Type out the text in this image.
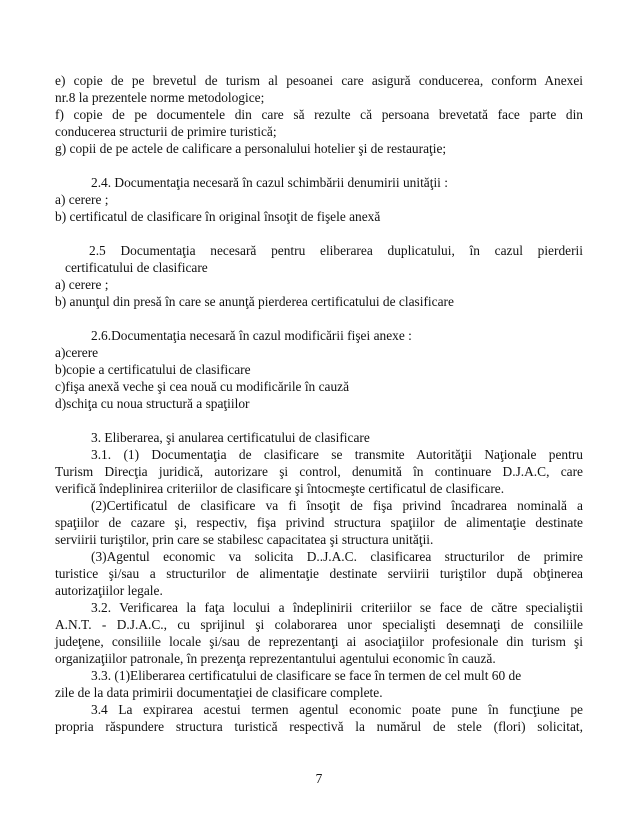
e) copie de pe brevetul de turism al pesoanei care asigură conducerea, conform Anexei
nr.8 la prezentele norme metodologice;
f) copie de pe documentele din care să rezulte că persoana brevetată face parte din
conducerea structurii de primire turistică;
g) copii de pe actele de calificare a personalului hotelier şi de restauraţie;
2.4. Documentaţia necesară în cazul schimbării denumirii unităţii :
a) cerere ;
b) certificatul de clasificare în original însoţit de fişele anexă
2.5 Documentaţia necesară pentru eliberarea duplicatului, în cazul pierderii
certificatului de clasificare
a) cerere ;
b) anunţul din presă în care se anunţă pierderea certificatului de clasificare
2.6.Documentaţia necesară în cazul modificării fişei anexe :
a)cerere
b)copie a certificatului de clasificare
c)fişa anexă veche şi cea nouă cu modificările în cauză
d)schiţa cu noua structură a spaţiilor
3. Eliberarea, şi anularea certificatului de clasificare
3.1. (1) Documentaţia de clasificare se transmite Autorităţii Naţionale pentru
Turism Direcţia juridică, autorizare şi control, denumită în continuare D.J.A.C, care
verifică îndeplinirea criteriilor de clasificare şi întocmeşte certificatul de clasificare.
(2)Certificatul de clasificare va fi însoţit de fişa privind încadrarea nominală a
spaţiilor de cazare şi, respectiv, fişa privind structura spaţiilor de alimentaţie destinate
serviirii turiştilor, prin care se stabilesc capacitatea şi structura unităţii.
(3)Agentul economic va solicita D..J.A.C. clasificarea structurilor de primire
turistice şi/sau a structurilor de alimentaţie destinate serviirii turiştilor după obţinerea
autorizaţiilor legale.
3.2. Verificarea la faţa locului a îndeplinirii criteriilor se face de către specialiştii
A.N.T. - D.J.A.C., cu sprijinul şi colaborarea unor specialişti desemnaţi de consiliile
judeţene, consiliile locale şi/sau de reprezentanţi ai asociaţiilor profesionale din turism şi
organizaţiilor patronale, în prezenţa reprezentantului agentului economic în cauză.
3.3. (1)Eliberarea certificatului de clasificare se face în termen de cel mult 60 de
zile de la data primirii documentaţiei de clasificare complete.
3.4 La expirarea acestui termen agentul economic poate pune în funcţiune pe
propria răspundere structura turistică respectivă la numărul de stele (flori) solicitat,
7
